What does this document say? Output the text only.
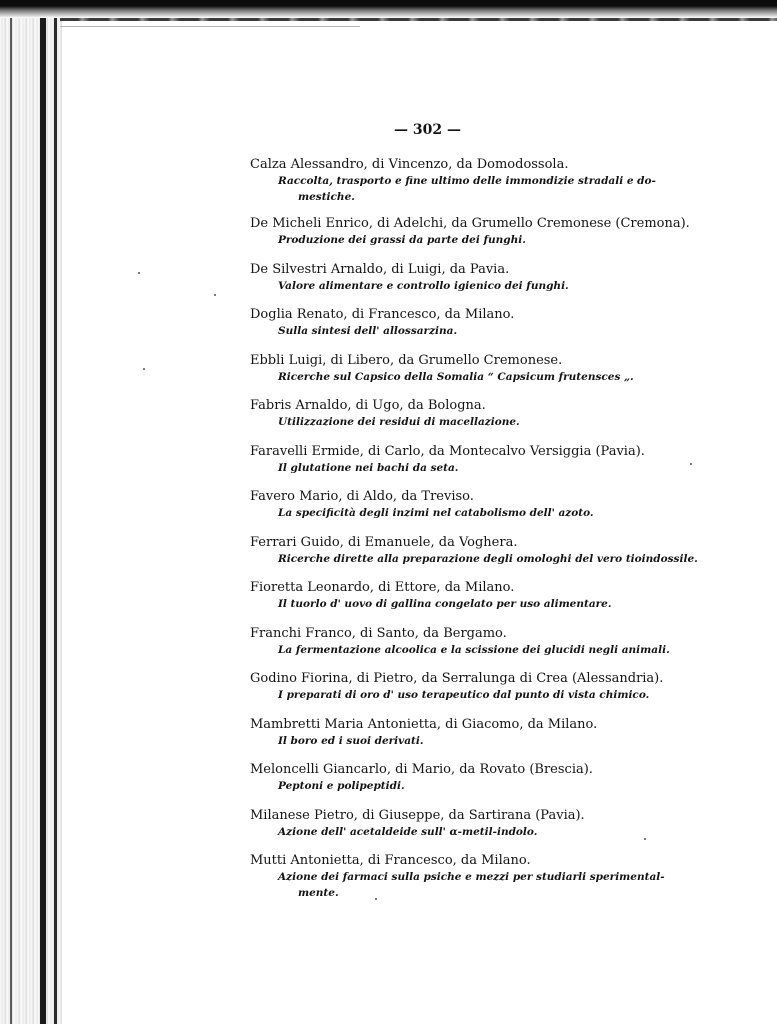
— 302 —
Calza Alessandro, di Vincenzo, da Domodossola.
Raccolta, trasporto e fine ultimo delle immondizie stradali e do-
mestiche.
De Micheli Enrico, di Adelchi, da Grumello Cremonese (Cremona).
Produzione dei grassi da parte dei funghi.
De Silvestri Arnaldo, di Luigi, da Pavia.
Valore alimentare e controllo igienico dei funghi.
Doglia Renato, di Francesco, da Milano.
Sulla sintesi dell' allossarzina.
Ebbli Luigi, di Libero, da Grumello Cremonese.
Ricerche sul Capsico della Somalia “ Capsicum frutensces „.
Fabris Arnaldo, di Ugo, da Bologna.
Utilizzazione dei residui di macellazione.
Faravelli Ermide, di Carlo, da Montecalvo Versiggia (Pavia).
Il glutatione nei bachi da seta.
Favero Mario, di Aldo, da Treviso.
La specificità degli inzimi nel catabolismo dell' azoto.
Ferrari Guido, di Emanuele, da Voghera.
Ricerche dirette alla preparazione degli omologhi del vero tioindossile.
Fioretta Leonardo, di Ettore, da Milano.
Il tuorlo d' uovo di gallina congelato per uso alimentare.
Franchi Franco, di Santo, da Bergamo.
La fermentazione alcoolica e la scissione dei glucidi negli animali.
Godino Fiorina, di Pietro, da Serralunga di Crea (Alessandria).
I preparati di oro d' uso terapeutico dal punto di vista chimico.
Mambretti Maria Antonietta, di Giacomo, da Milano.
Il boro ed i suoi derivati.
Meloncelli Giancarlo, di Mario, da Rovato (Brescia).
Peptoni e polipeptidi.
Milanese Pietro, di Giuseppe, da Sartirana (Pavia).
Azione dell' acetaldeide sull' α-metil-indolo.
Mutti Antonietta, di Francesco, da Milano.
Azione dei farmaci sulla psiche e mezzi per studiarli sperimental-
mente.
